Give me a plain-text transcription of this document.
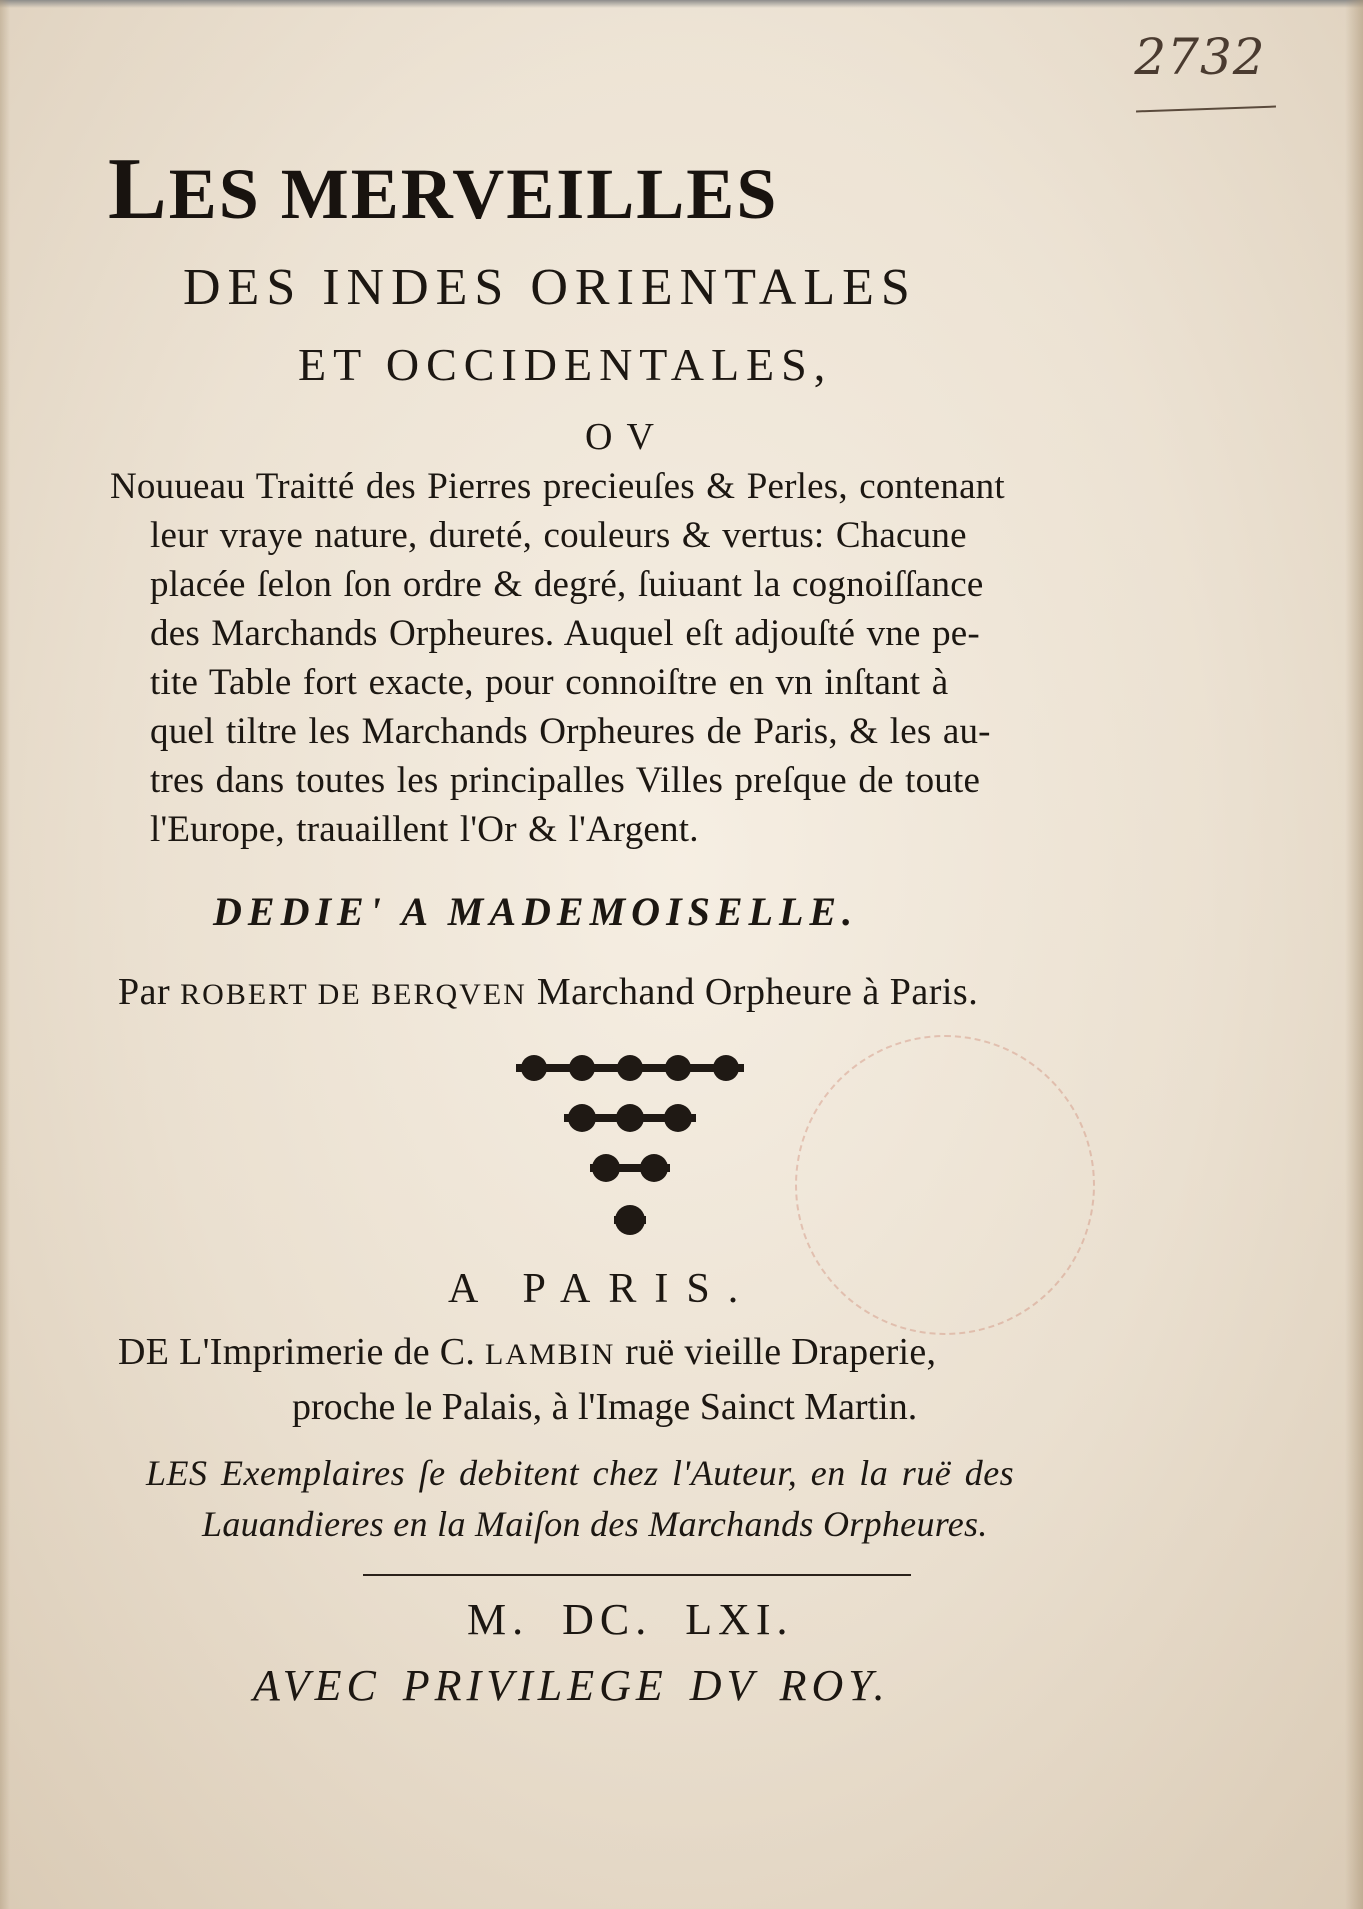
2732
LES MERVEILLES
DES INDES ORIENTALES
ET OCCIDENTALES,
OV
Nouueau Traitté des Pierres precieuſes & Perles, contenant
leur vraye nature, dureté, couleurs & vertus: Chacune
placée ſelon ſon ordre & degré, ſuiuant la cognoiſſance
des Marchands Orpheures. Auquel eſt adjouſté vne pe-
tite Table fort exacte, pour connoiſtre en vn inſtant à
quel tiltre les Marchands Orpheures de Paris, & les au-
tres dans toutes les principalles Villes preſque de toute
l'Europe, trauaillent l'Or & l'Argent.
DEDIE' A MADEMOISELLE.
Par ROBERT DE BERQVEN Marchand Orpheure à Paris.
A PARIS.
DE L'Imprimerie de C. LAMBIN ruë vieille Draperie,
proche le Palais, à l'Image Sainct Martin.
LES Exemplaires ſe debitent chez l'Auteur, en la ruë des
Lauandieres en la Maiſon des Marchands Orpheures.
M. DC. LXI.
AVEC PRIVILEGE DV ROY.
